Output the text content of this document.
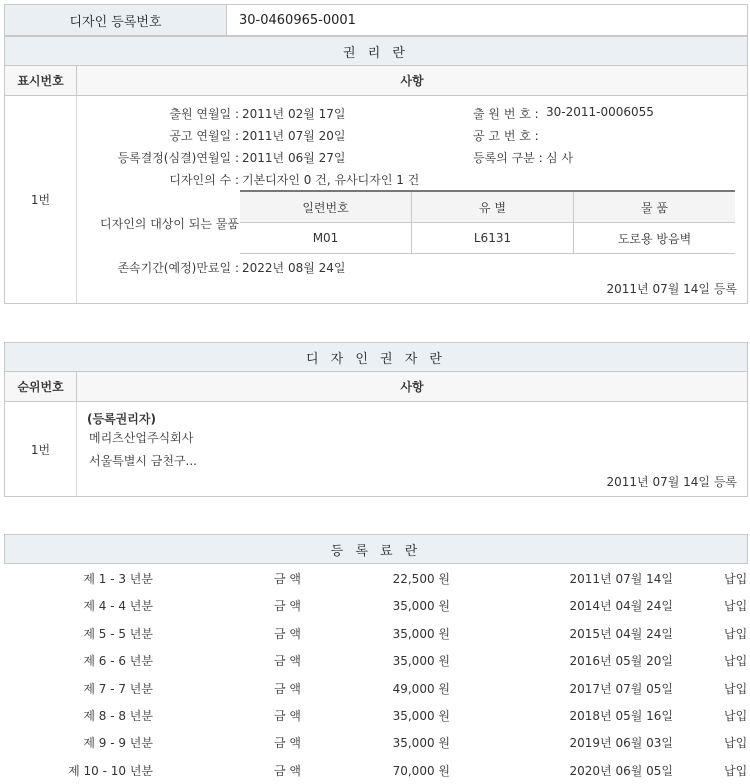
디자인 등록번호	30-0460965-0001
권 리 란
표시번호	사항
1번
출원 연월일 : 2011년 02월 17일	출 원 번 호 : 30-2011-0006055
공고 연월일 : 2011년 07월 20일	공 고 번 호 :
등록결정(심결)연월일 : 2011년 06월 27일	등록의 구분 : 심 사
디자인의 수 : 기본디자인 0 건, 유사디자인 1 건
디자인의 대상이 되는 물품
일련번호	유 별	물 품
M01	L6131	도로용 방음벽
존속기간(예정)만료일 : 2022년 08월 24일
2011년 07월 14일 등록
디 자 인 권 자 란
순위번호	사항
1번
(등록권리자)
메리츠산업주식회사
서울특별시 금천구...
2011년 07월 14일 등록
등 록 료 란
제 1 - 3 년분	금 액	22,500 원	2011년 07월 14일	납입
제 4 - 4 년분	금 액	35,000 원	2014년 04월 24일	납입
제 5 - 5 년분	금 액	35,000 원	2015년 04월 24일	납입
제 6 - 6 년분	금 액	35,000 원	2016년 05월 20일	납입
제 7 - 7 년분	금 액	49,000 원	2017년 07월 05일	납입
제 8 - 8 년분	금 액	35,000 원	2018년 05월 16일	납입
제 9 - 9 년분	금 액	35,000 원	2019년 06월 03일	납입
제 10 - 10 년분	금 액	70,000 원	2020년 06월 05일	납입
